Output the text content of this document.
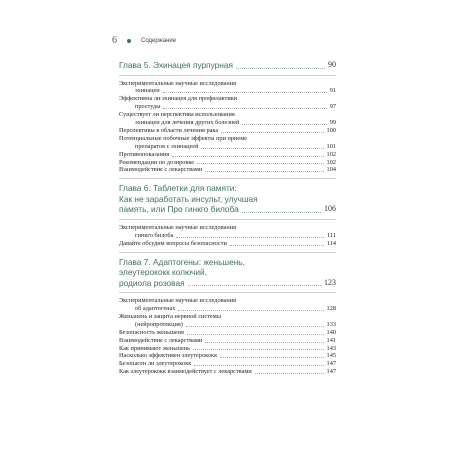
6	Содержание
Глава 5. Эхинацея пурпурная	90
Экспериментальные научные исследования
эхинацеи	91
Эффективна ли эхинацея для профилактики
простуды	97
Существует ли перспектива использования
эхинацеи для лечения других болезней	99
Перспективы в области лечения рака	100
Потенциальные побочные эффекты при приеме
препаратов с эхинацеей	101
Противопоказания	102
Рекомендации по дозировке	102
Взаимодействие с лекарствами	104
Глава 6. Таблетки для памяти:
Как не заработать инсульт, улучшая
память, или Про гинкго билоба	106
Экспериментальные научные исследования
гинкго билоба	111
Давайте обсудим вопросы безопасности	114
Глава 7. Адаптогены: женьшень,
элеутерококк колючий,
родиола розовая	123
Экспериментальные научные исследования
об адаптогенах	128
Женьшень и защита нервной системы
(нейропротекция)	133
Безопасность женьшеня	140
Взаимодействие с лекарствами	141
Как принимают женьшень	143
Насколько эффективен элеутерококк	145
Безопасен ли элеутерококк	147
Как элеутерококк взаимодействует с лекарствами	147
